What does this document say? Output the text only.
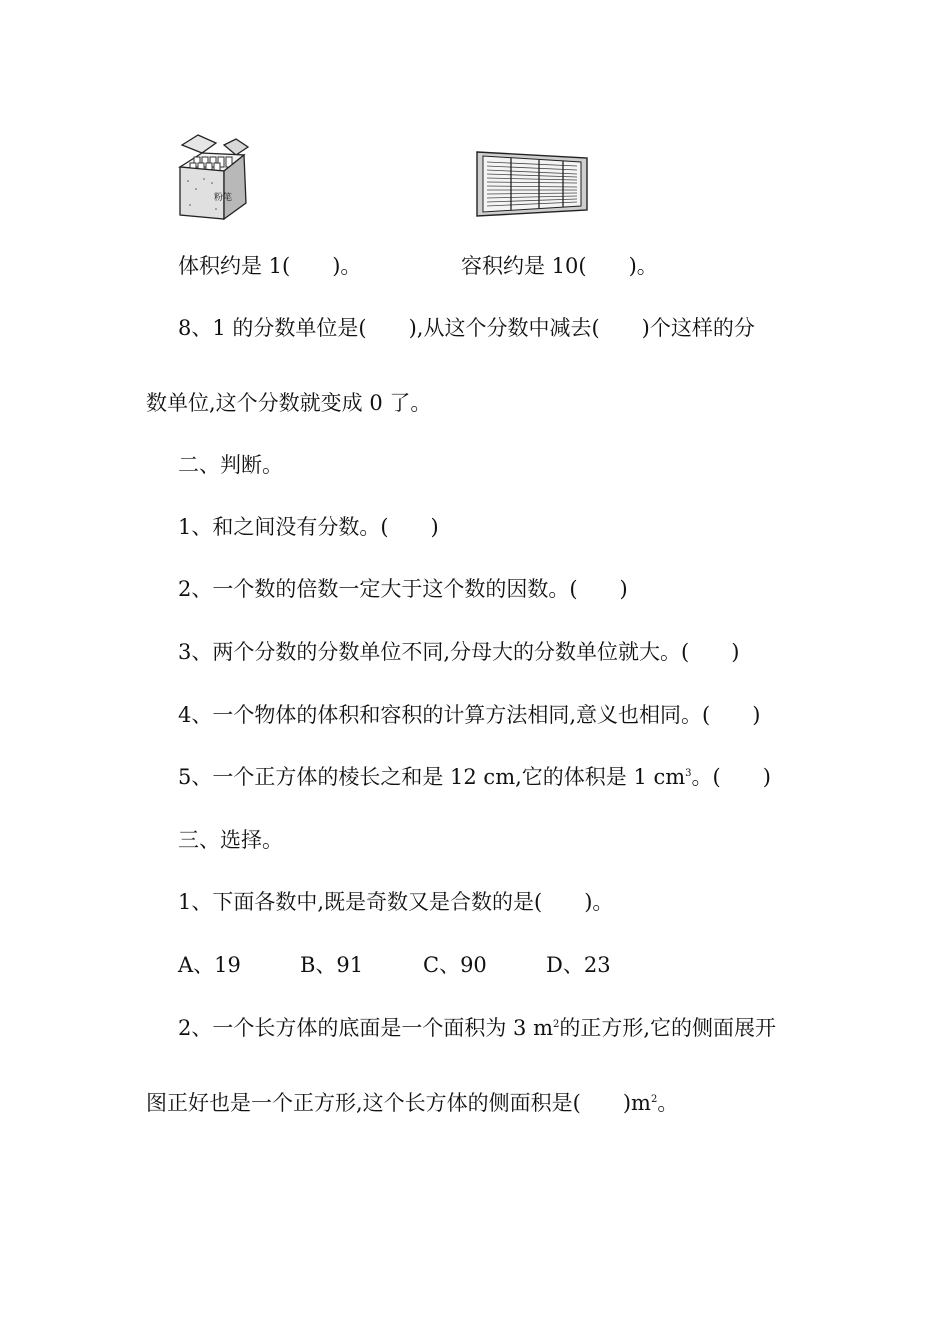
粉笔
体积约是 1(　　)。	容积约是 10(　　)。
8、1 的分数单位是(　　),从这个分数中减去(　　)个这样的分
数单位,这个分数就变成 0 了。
二、判断。
1、和之间没有分数。(　　)
2、一个数的倍数一定大于这个数的因数。(　　)
3、两个分数的分数单位不同,分母大的分数单位就大。(　　)
4、一个物体的体积和容积的计算方法相同,意义也相同。(　　)
5、一个正方体的棱长之和是 12 cm,它的体积是 1 $cm^3$。(　　)
三、选择。
1、下面各数中,既是奇数又是合数的是(　　)。
A、19	B、91	C、90	D、23
2、一个长方体的底面是一个面积为 3 $m^2$的正方形,它的侧面展开
图正好也是一个正方形,这个长方体的侧面积是(　　)$m^2$。
